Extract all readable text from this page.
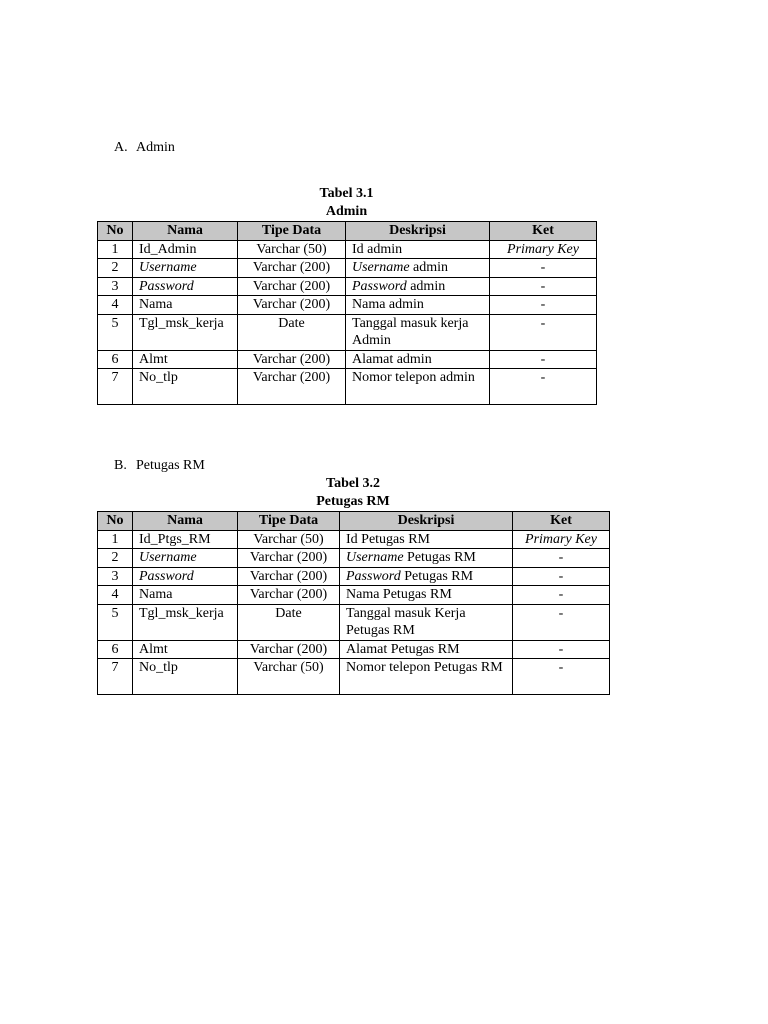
A. Admin
Tabel 3.1
Admin
No	Nama	Tipe Data	Deskripsi	Ket
1	Id_Admin	Varchar (50)	Id admin	Primary Key
2	Username	Varchar (200)	Username admin	-
3	Password	Varchar (200)	Password admin	-
4	Nama	Varchar (200)	Nama admin	-
5	Tgl_msk_kerja	Date	Tanggal masuk kerja Admin	-
6	Almt	Varchar (200)	Alamat admin	-
7	No_tlp	Varchar (200)	Nomor telepon admin	-
B. Petugas RM
Tabel 3.2
Petugas RM
No	Nama	Tipe Data	Deskripsi	Ket
1	Id_Ptgs_RM	Varchar (50)	Id Petugas RM	Primary Key
2	Username	Varchar (200)	Username Petugas RM	-
3	Password	Varchar (200)	Password Petugas RM	-
4	Nama	Varchar (200)	Nama Petugas RM	-
5	Tgl_msk_kerja	Date	Tanggal masuk Kerja Petugas RM	-
6	Almt	Varchar (200)	Alamat Petugas RM	-
7	No_tlp	Varchar (50)	Nomor telepon Petugas RM	-
